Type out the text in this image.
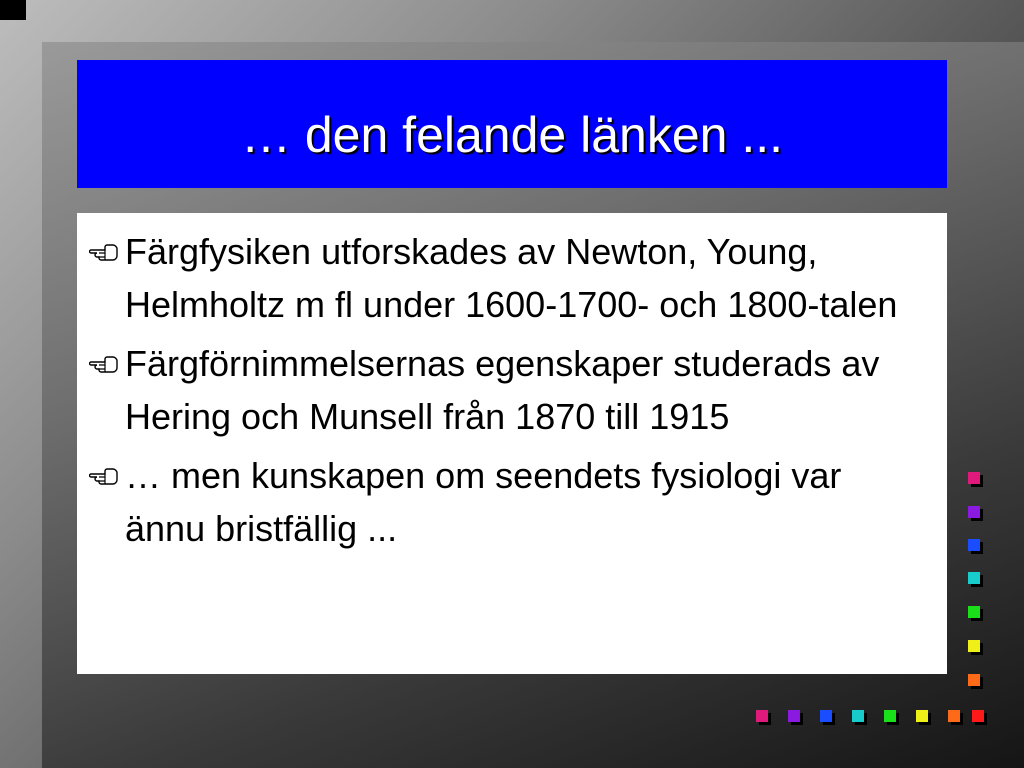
… den felande länken ...
Färgfysiken utforskades av Newton, Young, Helmholtz m fl under 1600-1700- och 1800-talen
Färgförnimmelsernas egenskaper studerads av Hering och Munsell från 1870 till 1915
… men kunskapen om seendets fysiologi var ännu bristfällig ...
